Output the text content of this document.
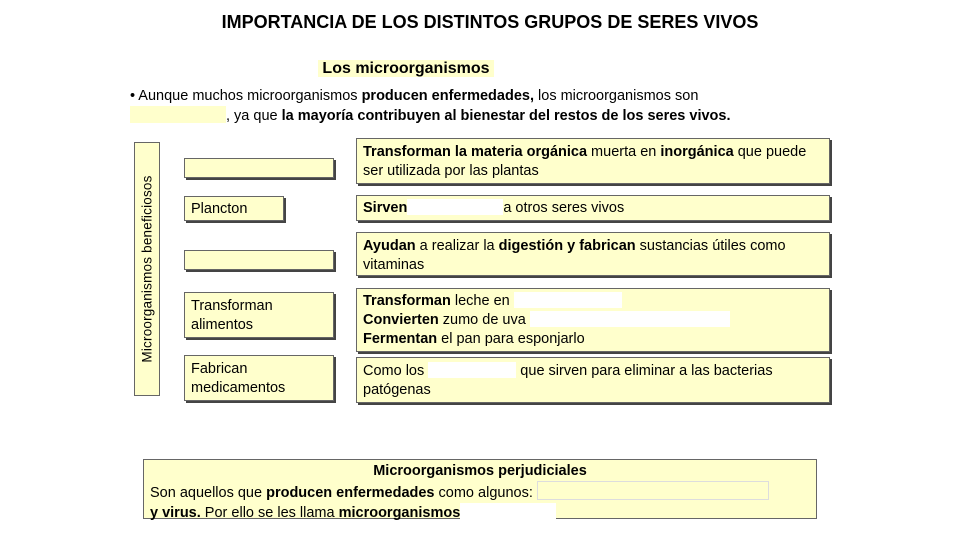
IMPORTANCIA DE LOS DISTINTOS GRUPOS DE SERES VIVOS
Los microorganismos
• Aunque muchos microorganismos producen enfermedades, los microorganismos son
, ya que la mayoría contribuyen al bienestar del restos de los seres vivos.
Microorganismos beneficiosos
Transforman la materia orgánica muerta en inorgánica que puede ser utilizada por las plantas
Plancton	Sirven	a otros seres vivos
Ayudan a realizar la digestión y fabrican sustancias útiles como vitaminas
Transforman alimentos
Transforman leche en
Convierten zumo de uva
Fermentan el pan para esponjarlo
Fabrican medicamentos
Como los	que sirven para eliminar a las bacterias patógenas
Microorganismos perjudiciales
Son aquellos que producen enfermedades como algunos:
y virus. Por ello se les llama microorganismos
